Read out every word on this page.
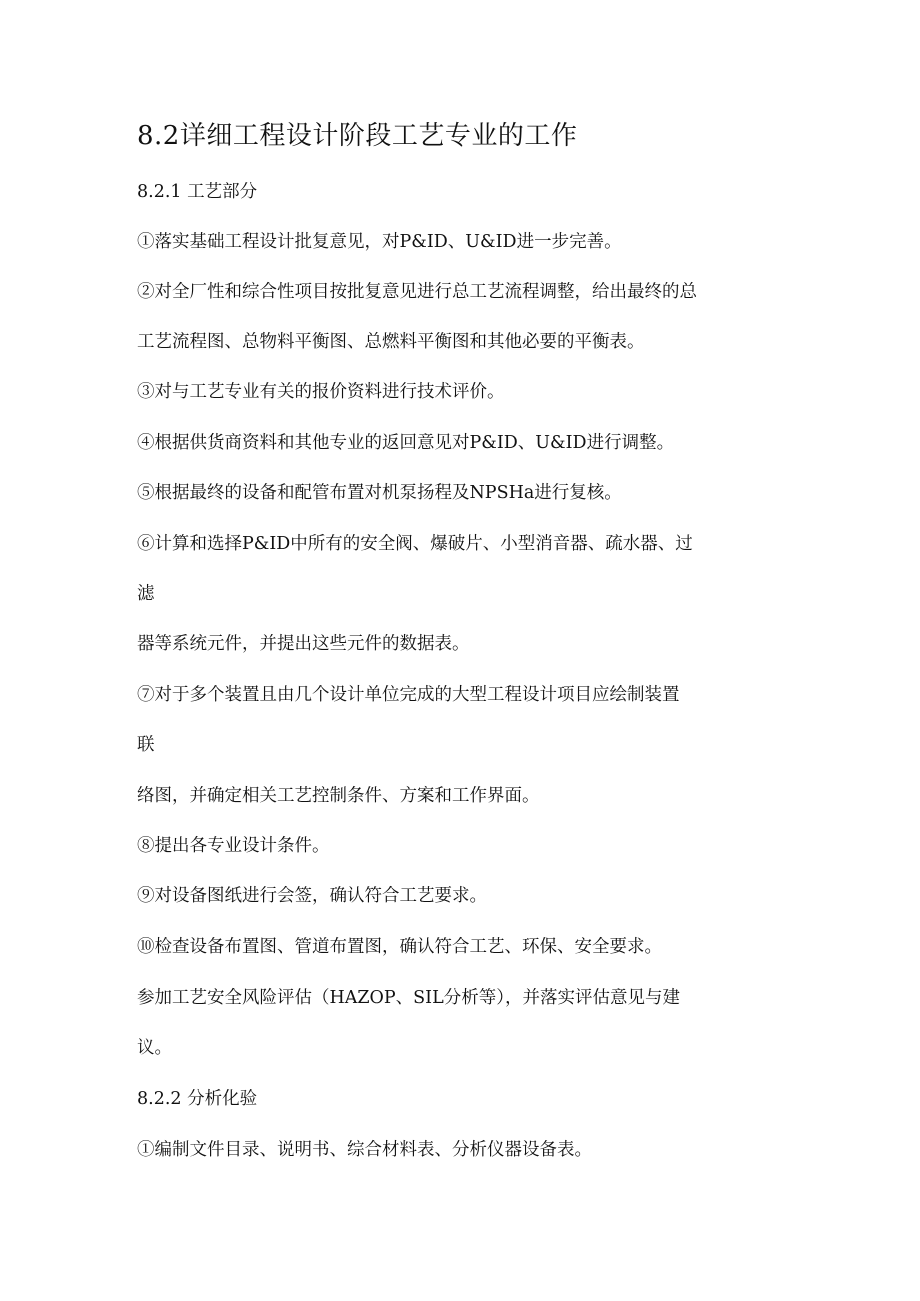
8.2详细工程设计阶段工艺专业的工作
8.2.1 工艺部分
①落实基础工程设计批复意见，对P&ID、U&ID进一步完善。
②对全厂性和综合性项目按批复意见进行总工艺流程调整，给出最终的总
工艺流程图、总物料平衡图、总燃料平衡图和其他必要的平衡表。
③对与工艺专业有关的报价资料进行技术评价。
④根据供货商资料和其他专业的返回意见对P&ID、U&ID进行调整。
⑤根据最终的设备和配管布置对机泵扬程及NPSHa进行复核。
⑥计算和选择P&ID中所有的安全阀、爆破片、小型消音器、疏水器、过
滤
器等系统元件，并提出这些元件的数据表。
⑦对于多个装置且由几个设计单位完成的大型工程设计项目应绘制装置
联
络图，并确定相关工艺控制条件、方案和工作界面。
⑧提出各专业设计条件。
⑨对设备图纸进行会签，确认符合工艺要求。
⑩检查设备布置图、管道布置图，确认符合工艺、环保、安全要求。
参加工艺安全风险评估（HAZOP、SIL分析等），并落实评估意见与建
议。
8.2.2 分析化验
①编制文件目录、说明书、综合材料表、分析仪器设备表。
